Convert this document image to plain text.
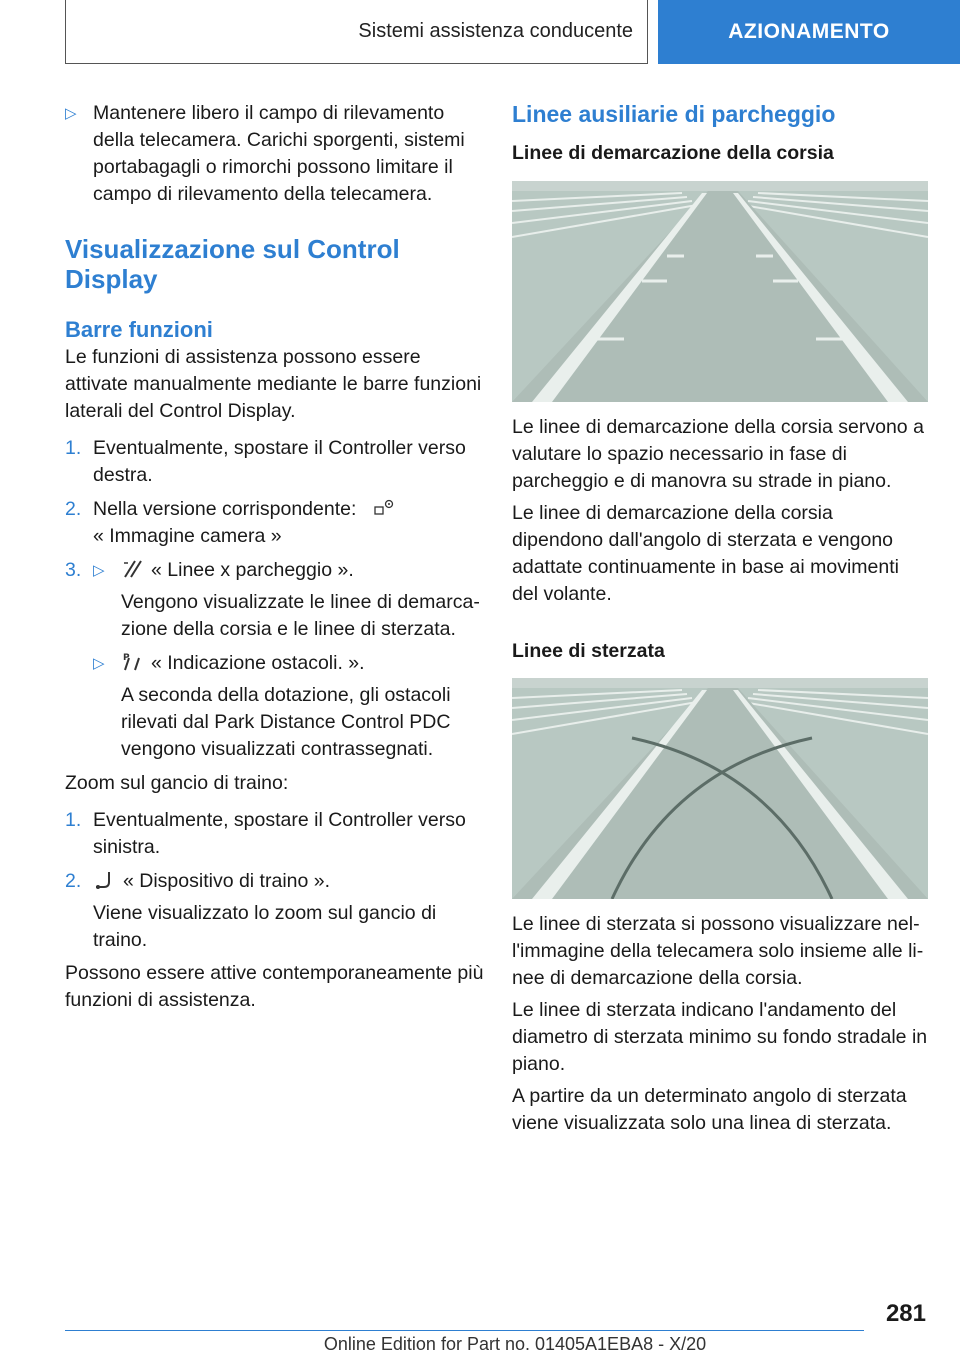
Sistemi assistenza conducente	AZIONAMENTO
▷ Mantenere libero il campo di rilevamento della telecamera. Carichi sporgenti, sistemi portabagagli o rimorchi possono limitare il campo di rilevamento della telecamera.

Visualizzazione sul Control Display
Barre funzioni

Le funzioni di assistenza possono essere attivate manualmente mediante le barre funzioni laterali del Control Display.

1. Eventualmente, spostare il Controller verso destra.

2. Nella versione corrispondente:
« Immagine camera »
3. ▷	« Linee x parcheggio ».
Vengono visualizzate le linee di demarcazione della corsia e le linee di sterzata.
▷	P « Indicazione ostacoli. ».
A seconda della dotazione, gli ostacoli rilevati dal Park Distance Control PDC vengono visualizzati contrassegnati.

Zoom sul gancio di traino:

1. Eventualmente, spostare il Controller verso sinistra.

2.	« Dispositivo di traino ».
Viene visualizzato lo zoom sul gancio di traino.

Possono essere attive contemporaneamente più funzioni di assistenza.

Linee ausiliarie di parcheggio
Linee di demarcazione della corsia

Le linee di demarcazione della corsia servono a valutare lo spazio necessario in fase di parcheggio e di manovra su strade in piano.

Le linee di demarcazione della corsia dipendono dall'angolo di sterzata e vengono adattate continuamente in base ai movimenti del volante.

Linee di sterzata

Le linee di sterzata si possono visualizzare nell'immagine della telecamera solo insieme alle linee di demarcazione della corsia.

Le linee di sterzata indicano l'andamento del diametro di sterzata minimo su fondo stradale in piano.

A partire da un determinato angolo di sterzata viene visualizzata solo una linea di sterzata.

281
Online Edition for Part no. 01405A1EBA8 - X/20
